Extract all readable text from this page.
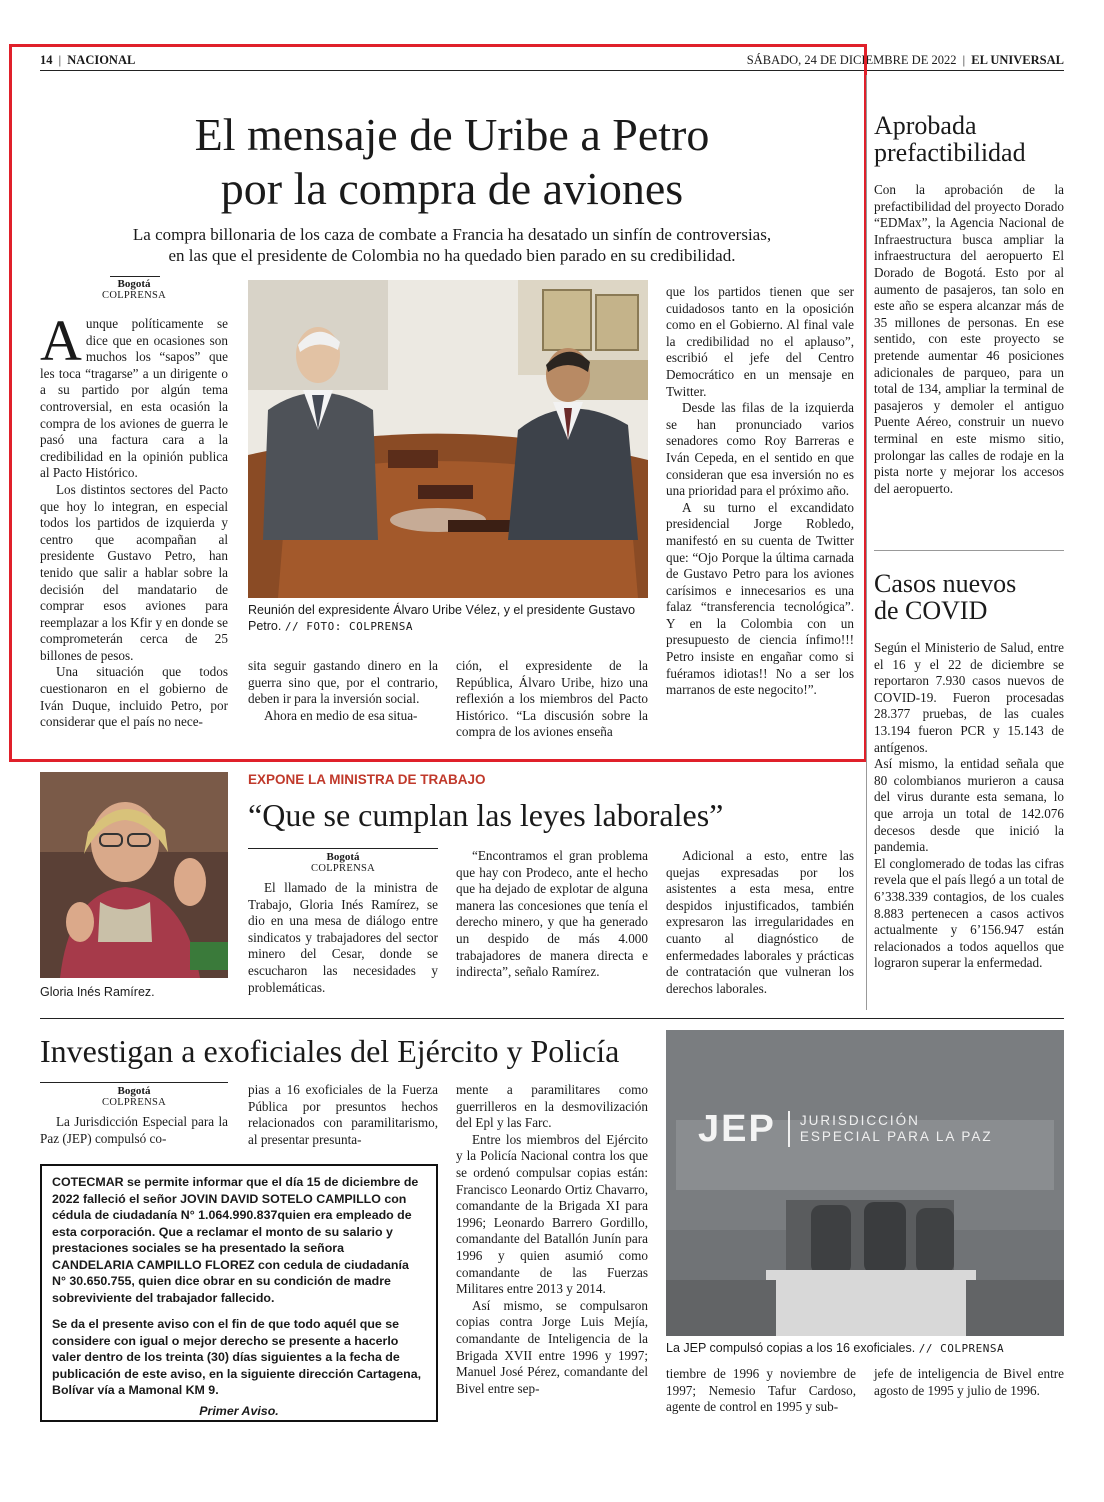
14 | NACIONAL	SÁBADO, 24 DE DICIEMBRE DE 2022 | EL UNIVERSAL
El mensaje de Uribe a Petro
por la compra de aviones
La compra billonaria de los caza de combate a Francia ha desatado un sinfín de controversias,
en las que el presidente de Colombia no ha quedado bien parado en su credibilidad.
Bogotá
COLPRENSA

Aunque políticamente se dice que en ocasiones son muchos los “sapos” que les toca “tragarse” a un dirigente o a su partido por algún tema controversial, en esta ocasión la compra de los aviones de guerra le pasó una factura cara a la credibilidad en la opinión publica al Pacto Histórico.

Los distintos sectores del Pacto que hoy lo integran, en especial todos los partidos de izquierda y centro que acompañan al presidente Gustavo Petro, han tenido que salir a hablar sobre la decisión del mandatario de comprar esos aviones para reemplazar a los Kfir y en donde se comprometerán cerca de 25 billones de pesos.

Una situación que todos cuestionaron en el gobierno de Iván Duque, incluido Petro, por considerar que el país no nece-

Reunión del expresidente Álvaro Uribe Vélez, y el presidente Gustavo Petro. // FOTO: COLPRENSA

sita seguir gastando dinero en la guerra sino que, por el contrario, deben ir para la inversión social.

Ahora en medio de esa situa-

ción, el expresidente de la República, Álvaro Uribe, hizo una reflexión a los miembros del Pacto Histórico. “La discusión sobre la compra de los aviones enseña

que los partidos tienen que ser cuidadosos tanto en la oposición como en el Gobierno. Al final vale la credibilidad no el aplauso”, escribió el jefe del Centro Democrático en un mensaje en Twitter.

Desde las filas de la izquierda se han pronunciado varios senadores como Roy Barreras e Iván Cepeda, en el sentido en que consideran que esa inversión no es una prioridad para el próximo año.

A su turno el excandidato presidencial Jorge Robledo, manifestó en su cuenta de Twitter que: “Ojo Porque la última carnada de Gustavo Petro para los aviones carísimos e innecesarios es una falaz “transferencia tecnológica”. Y en la Colombia con un presupuesto de ciencia ínfimo!!! Petro insiste en engañar como si fuéramos idiotas!! No a ser los marranos de este negocito!”.

Aprobada
prefactibilidad

Con la aprobación de la prefactibilidad del proyecto Dorado “EDMax”, la Agencia Nacional de Infraestructura busca ampliar la infraestructura del aeropuerto El Dorado de Bogotá. Esto por al aumento de pasajeros, tan solo en este año se espera alcanzar más de 35 millones de personas. En ese sentido, con este proyecto se pretende aumentar 46 posiciones adicionales de parqueo, para un total de 134, ampliar la terminal de pasajeros y demoler el antiguo Puente Aéreo, construir un nuevo terminal en este mismo sitio, prolongar las calles de rodaje en la pista norte y mejorar los accesos del aeropuerto.

Casos nuevos
de COVID

Según el Ministerio de Salud, entre el 16 y el 22 de diciembre se reportaron 7.930 casos nuevos de COVID-19. Fueron procesadas 28.377 pruebas, de las cuales 13.194 fueron PCR y 15.143 de antígenos.

Así mismo, la entidad señala que 80 colombianos murieron a causa del virus durante esta semana, lo que arroja un total de 142.076 decesos desde que inició la pandemia.

El conglomerado de todas las cifras revela que el país llegó a un total de 6’338.339 contagios, de los cuales 8.883 pertenecen a casos activos actualmente y 6’156.947 están relacionados a todos aquellos que lograron superar la enfermedad.

Gloria Inés Ramírez.
EXPONE LA MINISTRA DE TRABAJO
“Que se cumplan las leyes laborales”
Bogotá
COLPRENSA

El llamado de la ministra de Trabajo, Gloria Inés Ramírez, se dio en una mesa de diálogo entre sindicatos y trabajadores del sector minero del Cesar, donde se escucharon las necesidades y problemáticas.

“Encontramos el gran problema que hay con Prodeco, ante el hecho que ha dejado de explotar de alguna manera las concesiones que tenía el derecho minero, y que ha generado un despido de más 4.000 trabajadores de manera directa e indirecta”, señalo Ramírez.

Adicional a esto, entre las quejas expresadas por los asistentes a esta mesa, entre despidos injustificados, también expresaron las irregularidades en cuanto al diagnóstico de enfermedades laborales y prácticas de contratación que vulneran los derechos laborales.

Investigan a exoficiales del Ejército y Policía
Bogotá
COLPRENSA

La Jurisdicción Especial para la Paz (JEP) compulsó co-

pias a 16 exoficiales de la Fuerza Pública por presuntos hechos relacionados con paramilitarismo, al presentar presunta-

mente a paramilitares como guerrilleros en la desmovilización del Epl y las Farc.

Entre los miembros del Ejército y la Policía Nacional contra los que se ordenó compulsar copias están: Francisco Leonardo Ortiz Chavarro, comandante de la Brigada XI para 1996; Leonardo Barrero Gordillo, comandante del Batallón Junín para 1996 y quien asumió como comandante de las Fuerzas Militares entre 2013 y 2014.

Así mismo, se compulsaron copias contra Jorge Luis Mejía, comandante de Inteligencia de la Brigada XVII entre 1996 y 1997; Manuel José Pérez, comandante del Bivel entre sep-

JEP JURISDICCIÓN
ESPECIAL PARA LA PAZ
La JEP compulsó copias a los 16 exoficiales. // COLPRENSA

tiembre de 1996 y noviembre de 1997; Nemesio Tafur Cardoso, agente de control en 1995 y sub-

jefe de inteligencia de Bivel entre agosto de 1995 y julio de 1996.

COTECMAR se permite informar que el día 15 de diciembre de 2022 falleció el señor JOVIN DAVID SOTELO CAMPILLO con cédula de ciudadanía N° 1.064.990.837quien era empleado de esta corporación. Que a reclamar el monto de su salario y prestaciones sociales se ha presentado la señora CANDELARIA CAMPILLO FLOREZ con cedula de ciudadanía N° 30.650.755, quien dice obrar en su condición de madre sobreviviente del trabajador fallecido.

Se da el presente aviso con el fin de que todo aquél que se considere con igual o mejor derecho se presente a hacerlo valer dentro de los treinta (30) días siguientes a la fecha de publicación de este aviso, en la siguiente dirección Cartagena, Bolívar vía a Mamonal KM 9.

Primer Aviso.
